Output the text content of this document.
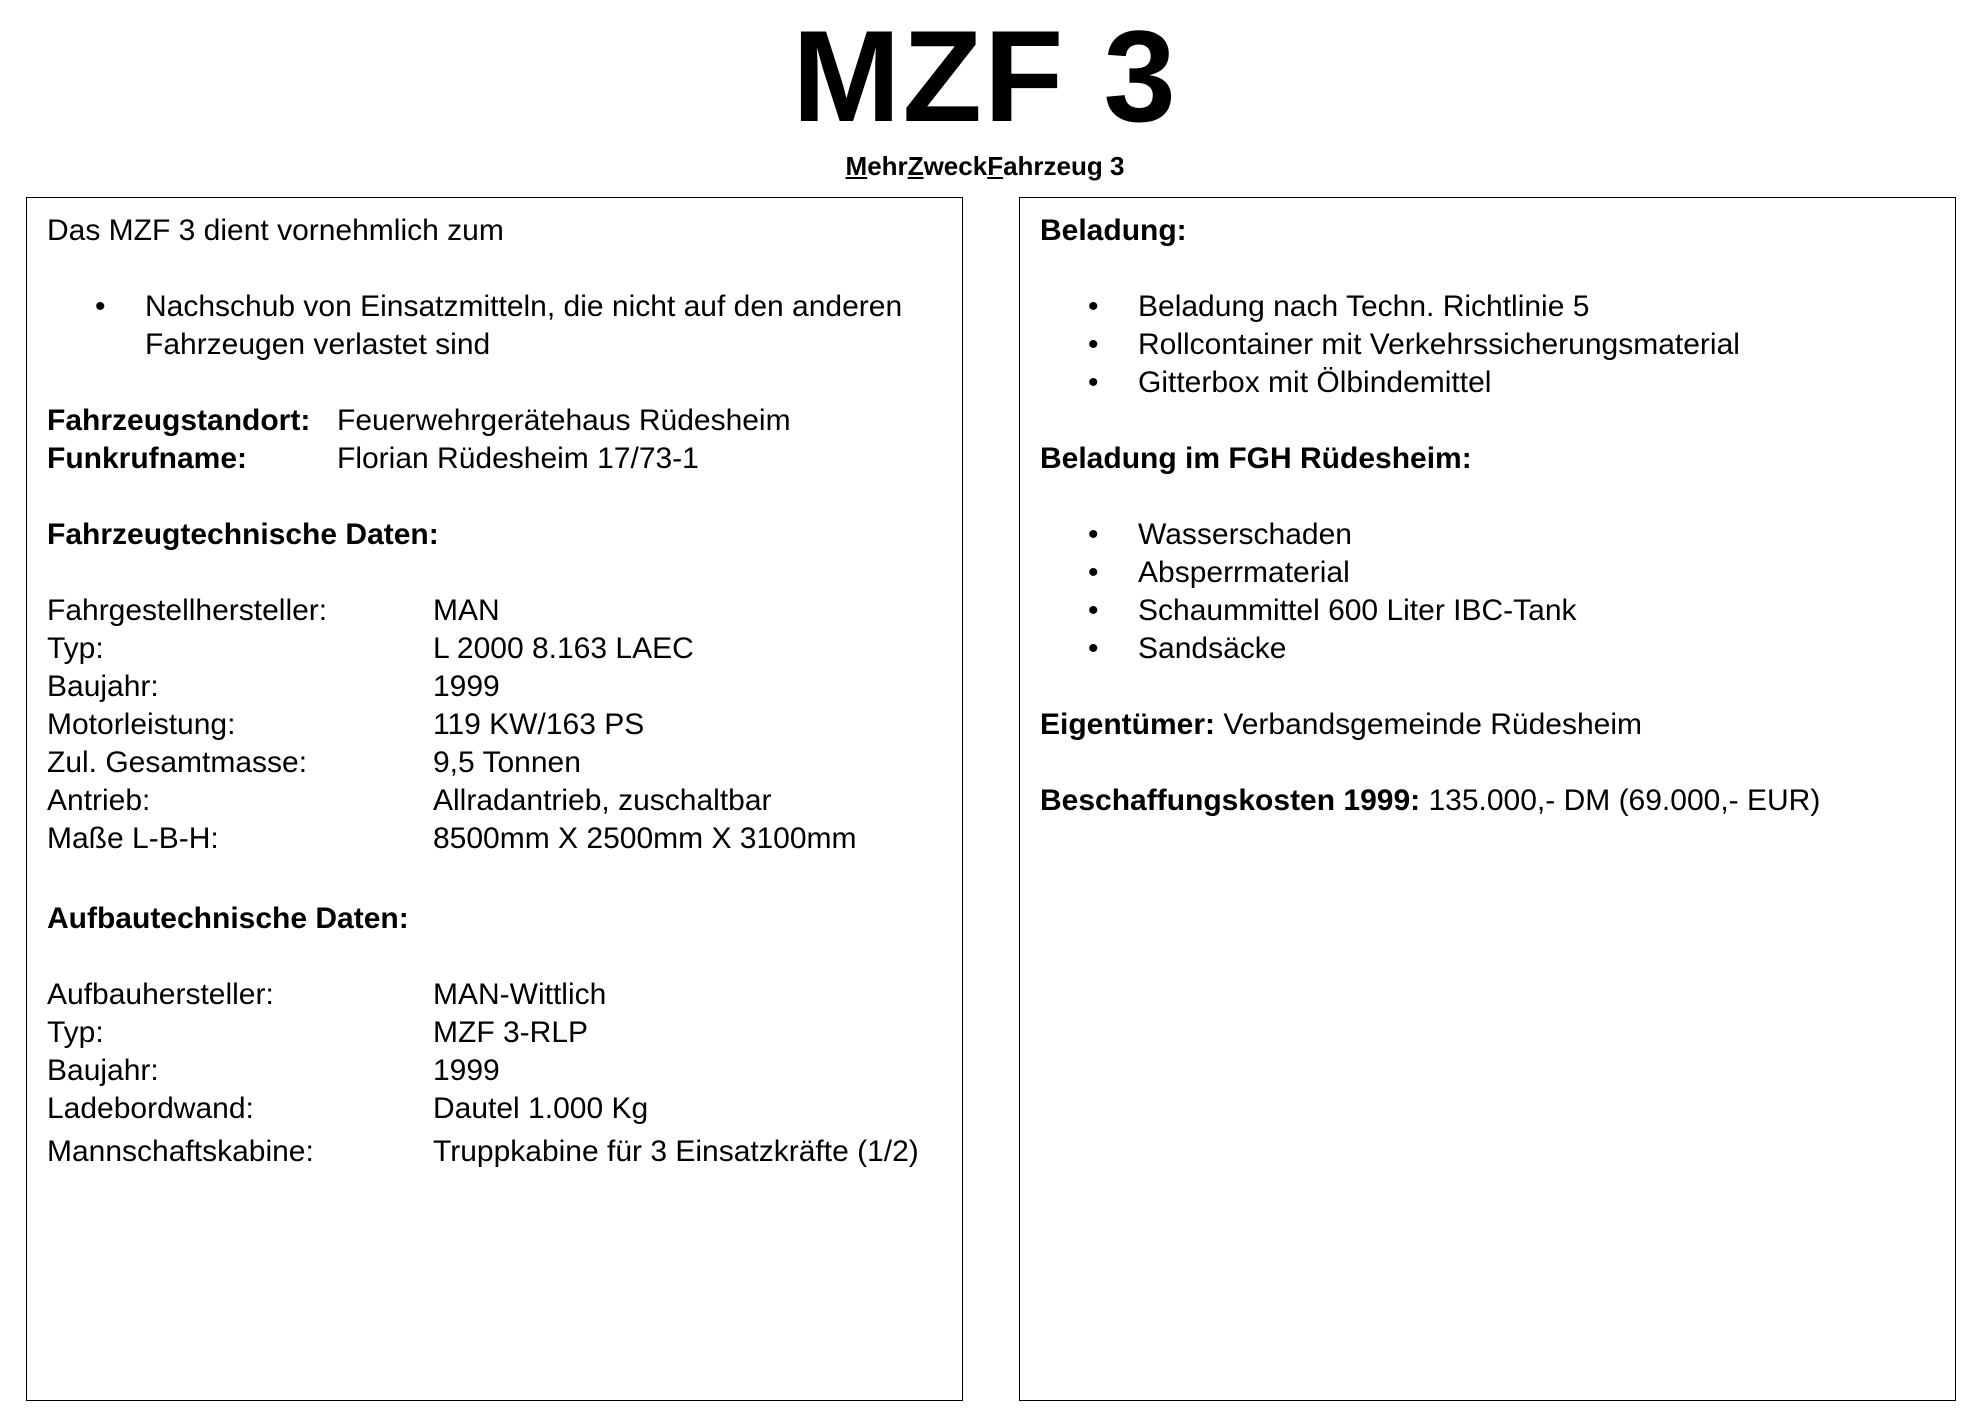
MZF 3
MehrZweckFahrzeug 3
Das MZF 3 dient vornehmlich zum
• Nachschub von Einsatzmitteln, die nicht auf den anderen Fahrzeugen verlastet sind
Fahrzeugstandort: Feuerwehrgerätehaus Rüdesheim
Funkrufname:	Florian Rüdesheim 17/73-1
Fahrzeugtechnische Daten:
Fahrgestellhersteller:	MAN
Typ:	L 2000 8.163 LAEC
Baujahr:	1999
Motorleistung:	119 KW/163 PS
Zul. Gesamtmasse:	9,5 Tonnen
Antrieb:	Allradantrieb, zuschaltbar
Maße L-B-H:	8500mm X 2500mm X 3100mm
Aufbautechnische Daten:
Aufbauhersteller:	MAN-Wittlich
Typ:	MZF 3-RLP
Baujahr:	1999
Ladebordwand:	Dautel 1.000 Kg
Mannschaftskabine:	Truppkabine für 3 Einsatzkräfte (1/2)
Beladung:
• Beladung nach Techn. Richtlinie 5
• Rollcontainer mit Verkehrssicherungsmaterial
• Gitterbox mit Ölbindemittel
Beladung im FGH Rüdesheim:
• Wasserschaden
• Absperrmaterial
• Schaummittel 600 Liter IBC-Tank
• Sandsäcke
Eigentümer: Verbandsgemeinde Rüdesheim
Beschaffungskosten 1999: 135.000,- DM (69.000,- EUR)
